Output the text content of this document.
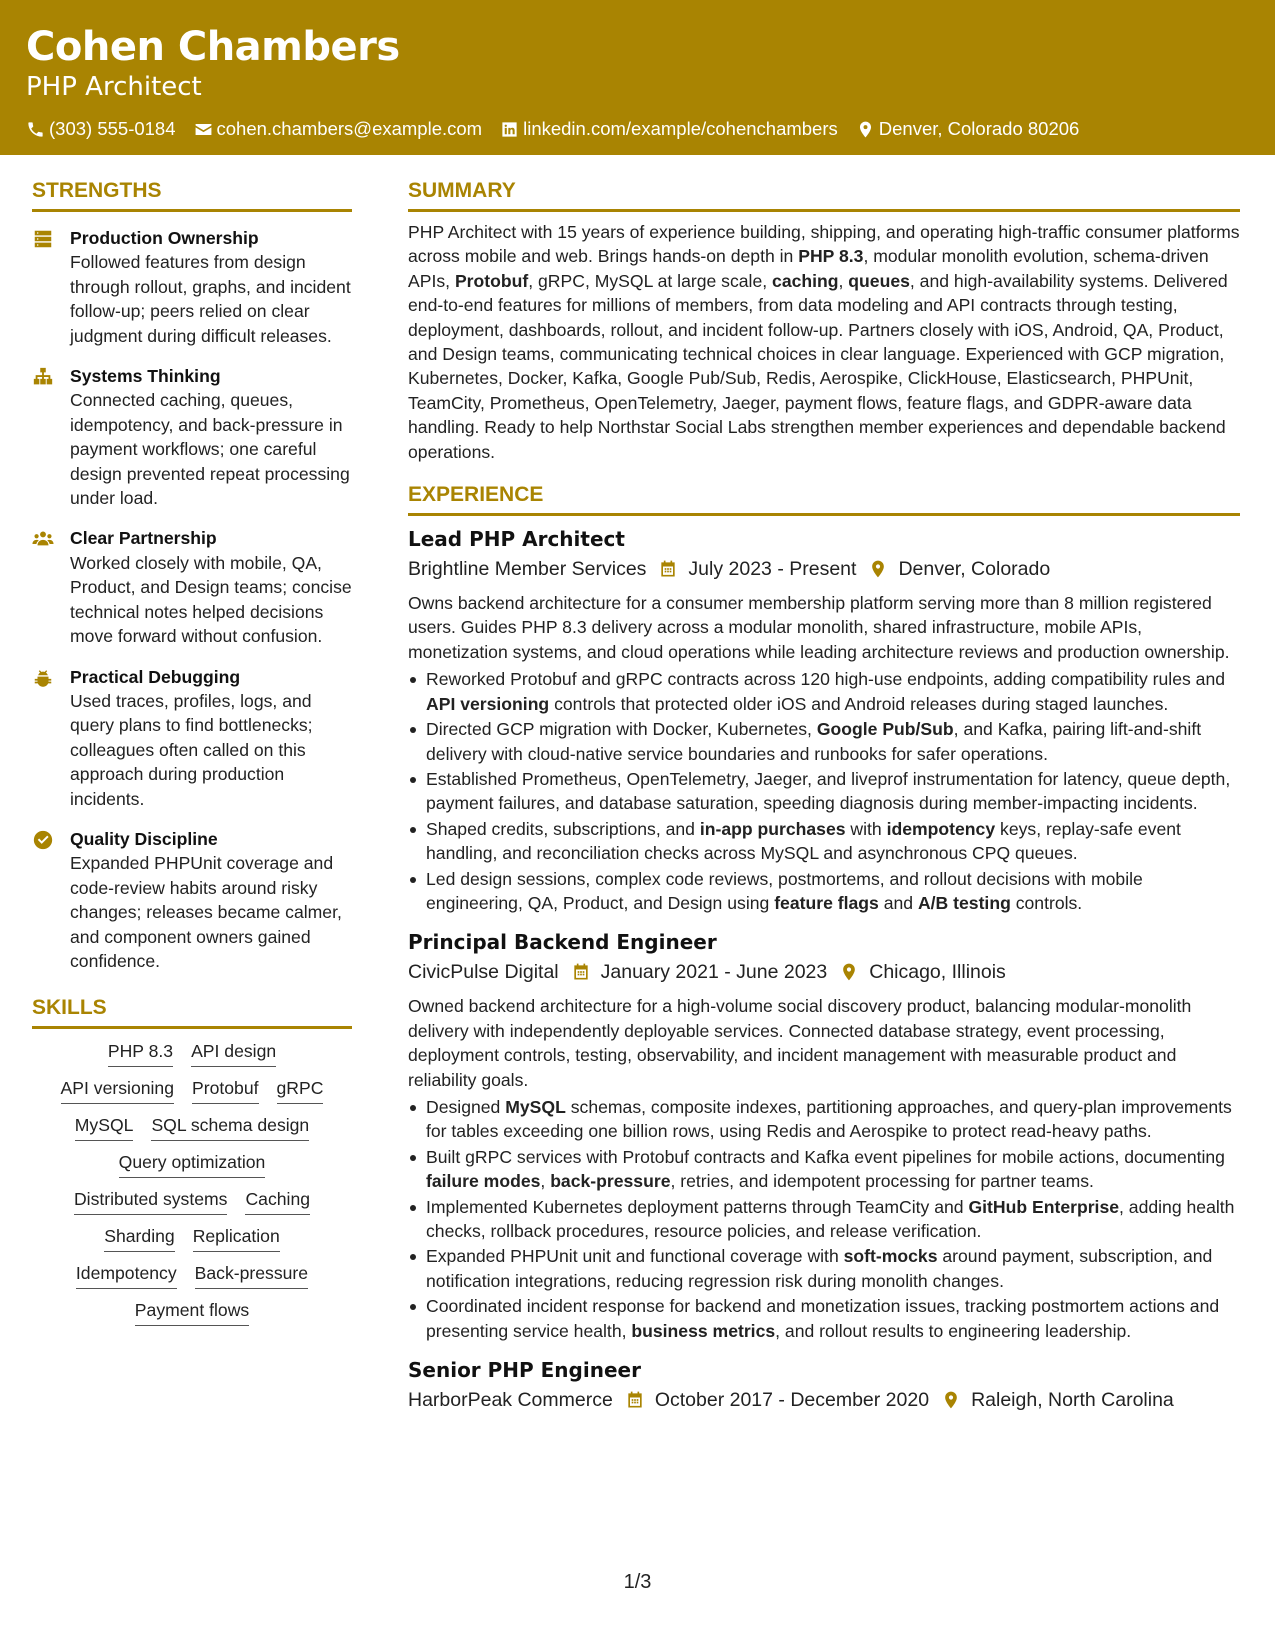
Cohen Chambers
PHP Architect
(303) 555-0184 cohen.chambers@example.com linkedin.com/example/cohenchambers Denver, Colorado 80206
STRENGTHS
Production Ownership
Followed features from design through rollout, graphs, and incident follow-up; peers relied on clear judgment during difficult releases.
Systems Thinking
Connected caching, queues, idempotency, and back-pressure in payment workflows; one careful design prevented repeat processing under load.
Clear Partnership
Worked closely with mobile, QA, Product, and Design teams; concise technical notes helped decisions move forward without confusion.
Practical Debugging
Used traces, profiles, logs, and query plans to find bottlenecks; colleagues often called on this approach during production incidents.
Quality Discipline
Expanded PHPUnit coverage and code-review habits around risky changes; releases became calmer, and component owners gained confidence.
SKILLS
PHP 8.3 API design
API versioning Protobuf gRPC
MySQL SQL schema design
Query optimization
Distributed systems Caching
Sharding Replication
Idempotency Back-pressure
Payment flows
SUMMARY

PHP Architect with 15 years of experience building, shipping, and operating high-traffic consumer platforms across mobile and web. Brings hands-on depth in PHP 8.3, modular monolith evolution, schema-driven APIs, Protobuf, gRPC, MySQL at large scale, caching, queues, and high-availability systems. Delivered end-to-end features for millions of members, from data modeling and API contracts through testing, deployment, dashboards, rollout, and incident follow-up. Partners closely with iOS, Android, QA, Product, and Design teams, communicating technical choices in clear language. Experienced with GCP migration, Kubernetes, Docker, Kafka, Google Pub/Sub, Redis, Aerospike, ClickHouse, Elasticsearch, PHPUnit, TeamCity, Prometheus, OpenTelemetry, Jaeger, payment flows, feature flags, and GDPR-aware data handling. Ready to help Northstar Social Labs strengthen member experiences and dependable backend operations.

EXPERIENCE
Lead PHP Architect
Brightline Member Services July 2023 - Present Denver, Colorado

Owns backend architecture for a consumer membership platform serving more than 8 million registered users. Guides PHP 8.3 delivery across a modular monolith, shared infrastructure, mobile APIs, monetization systems, and cloud operations while leading architecture reviews and production ownership.

Reworked Protobuf and gRPC contracts across 120 high-use endpoints, adding compatibility rules and API versioning controls that protected older iOS and Android releases during staged launches.
Directed GCP migration with Docker, Kubernetes, Google Pub/Sub, and Kafka, pairing lift-and-shift delivery with cloud-native service boundaries and runbooks for safer operations.
Established Prometheus, OpenTelemetry, Jaeger, and liveprof instrumentation for latency, queue depth, payment failures, and database saturation, speeding diagnosis during member-impacting incidents.
Shaped credits, subscriptions, and in-app purchases with idempotency keys, replay-safe event handling, and reconciliation checks across MySQL and asynchronous CPQ queues.
Led design sessions, complex code reviews, postmortems, and rollout decisions with mobile engineering, QA, Product, and Design using feature flags and A/B testing controls.
Principal Backend Engineer
CivicPulse Digital January 2021 - June 2023 Chicago, Illinois

Owned backend architecture for a high-volume social discovery product, balancing modular-monolith delivery with independently deployable services. Connected database strategy, event processing, deployment controls, testing, observability, and incident management with measurable product and reliability goals.

Designed MySQL schemas, composite indexes, partitioning approaches, and query-plan improvements for tables exceeding one billion rows, using Redis and Aerospike to protect read-heavy paths.
Built gRPC services with Protobuf contracts and Kafka event pipelines for mobile actions, documenting failure modes, back-pressure, retries, and idempotent processing for partner teams.
Implemented Kubernetes deployment patterns through TeamCity and GitHub Enterprise, adding health checks, rollback procedures, resource policies, and release verification.
Expanded PHPUnit unit and functional coverage with soft-mocks around payment, subscription, and notification integrations, reducing regression risk during monolith changes.
Coordinated incident response for backend and monetization issues, tracking postmortem actions and presenting service health, business metrics, and rollout results to engineering leadership.
Senior PHP Engineer
HarborPeak Commerce October 2017 - December 2020 Raleigh, North Carolina
1/3
